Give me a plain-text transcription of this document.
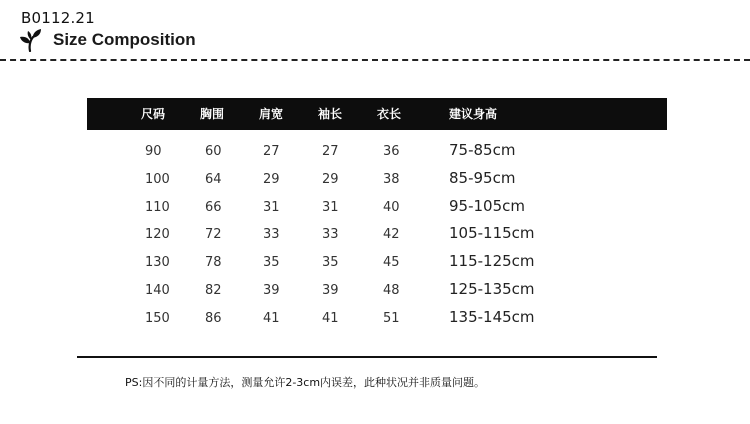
B0112.21
Size Composition
尺码	胸围	肩宽	袖长	衣长	建议身高
90	60	27	27	36	75-85cm
100	64	29	29	38	85-95cm
110	66	31	31	40	95-105cm
120	72	33	33	42	105-115cm
130	78	35	35	45	115-125cm
140	82	39	39	48	125-135cm
150	86	41	41	51	135-145cm
PS:因不同的计量方法，测量允许2-3cm内误差，此种状况并非质量问题。
